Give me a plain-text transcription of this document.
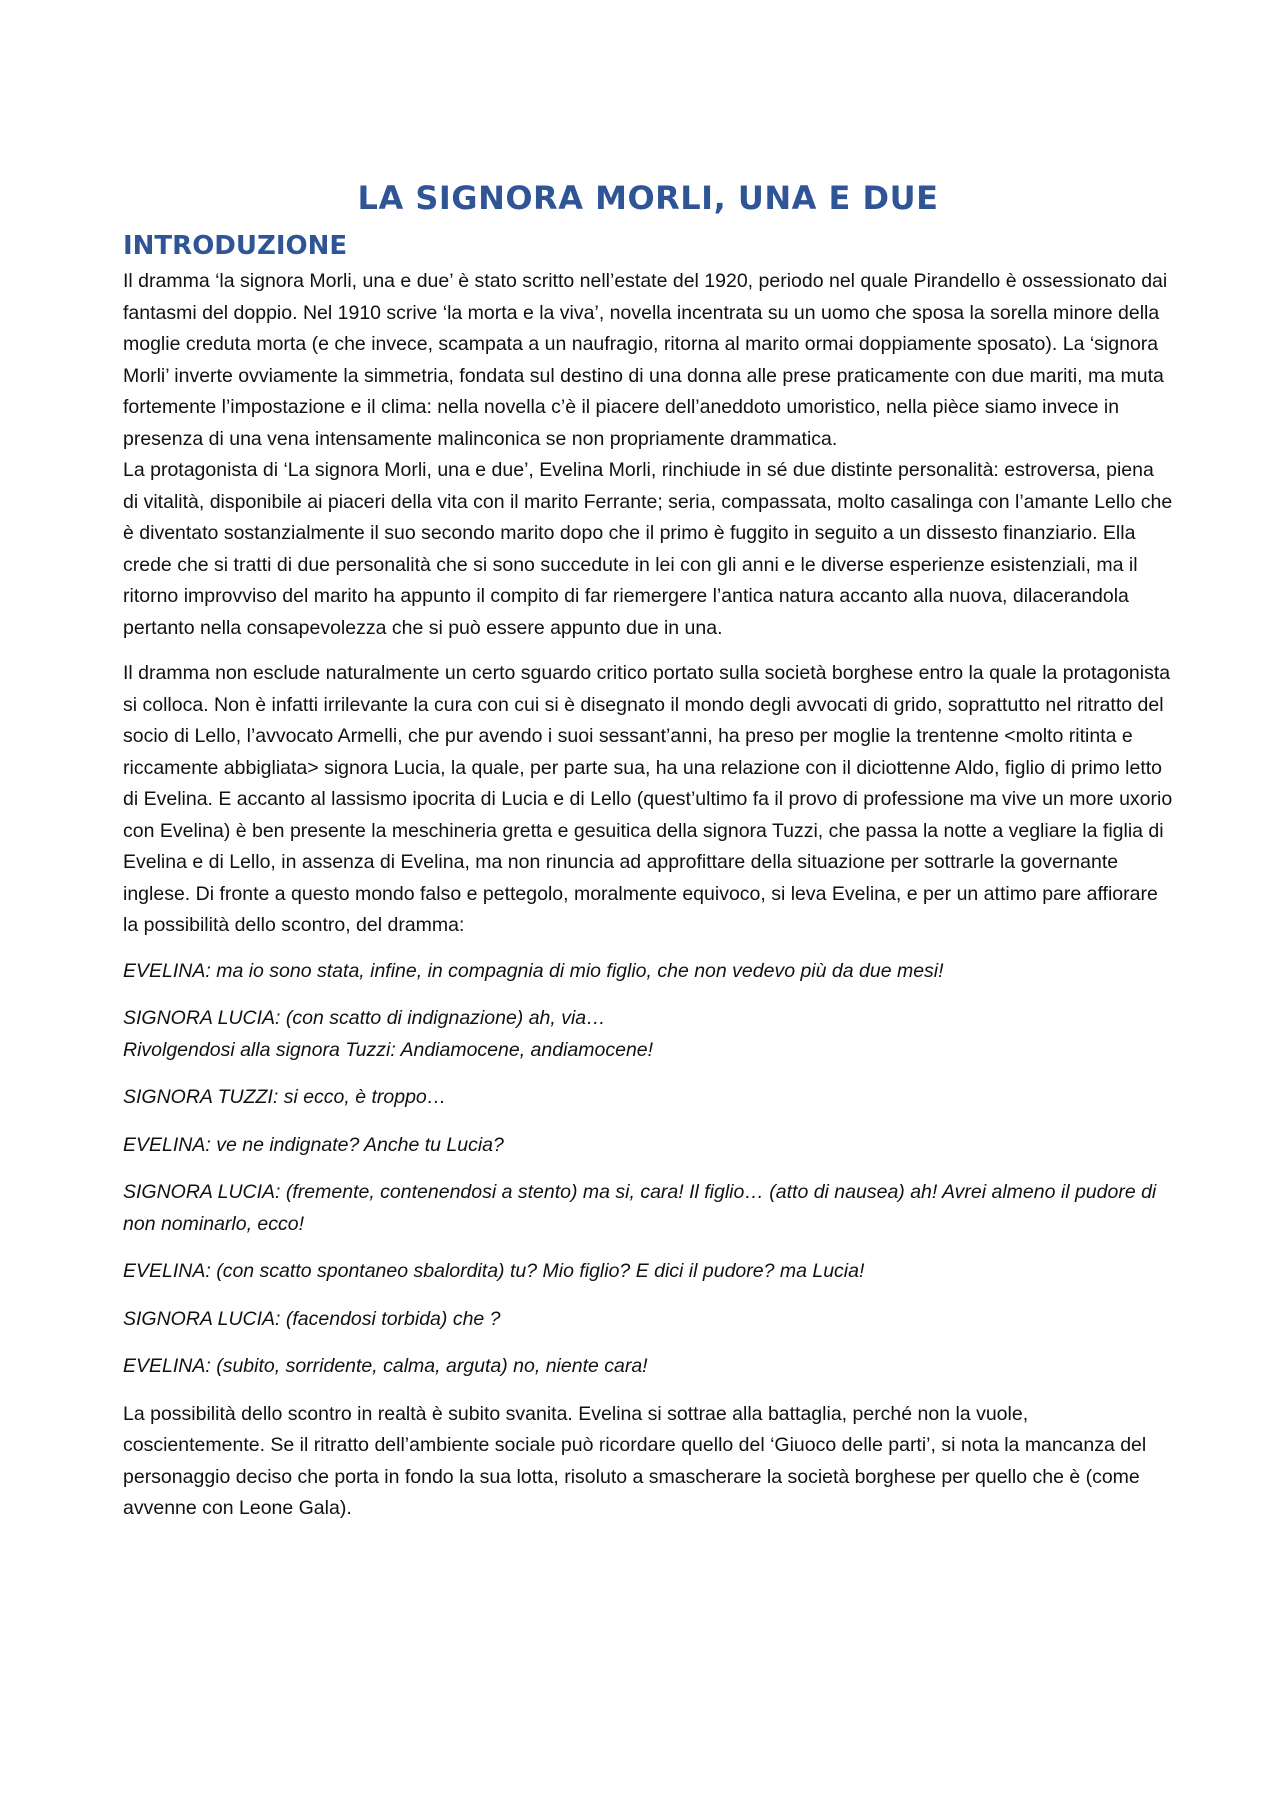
LA SIGNORA MORLI, UNA E DUE
INTRODUZIONE

Il dramma ‘la signora Morli, una e due’ è stato scritto nell’estate del 1920, periodo nel quale Pirandello è ossessionato dai fantasmi del doppio. Nel 1910 scrive ‘la morta e la viva’, novella incentrata su un uomo che sposa la sorella minore della moglie creduta morta (e che invece, scampata a un naufragio, ritorna al marito ormai doppiamente sposato). La ‘signora Morli’ inverte ovviamente la simmetria, fondata sul destino di una donna alle prese praticamente con due mariti, ma muta fortemente l’impostazione e il clima: nella novella c’è il piacere dell’aneddoto umoristico, nella pièce siamo invece in presenza di una vena intensamente malinconica se non propriamente drammatica.

La protagonista di ‘La signora Morli, una e due’, Evelina Morli, rinchiude in sé due distinte personalità: estroversa, piena di vitalità, disponibile ai piaceri della vita con il marito Ferrante; seria, compassata, molto casalinga con l’amante Lello che è diventato sostanzialmente il suo secondo marito dopo che il primo è fuggito in seguito a un dissesto finanziario. Ella crede che si tratti di due personalità che si sono succedute in lei con gli anni e le diverse esperienze esistenziali, ma il ritorno improvviso del marito ha appunto il compito di far riemergere l’antica natura accanto alla nuova, dilacerandola pertanto nella consapevolezza che si può essere appunto due in una.

Il dramma non esclude naturalmente un certo sguardo critico portato sulla società borghese entro la quale la protagonista si colloca. Non è infatti irrilevante la cura con cui si è disegnato il mondo degli avvocati di grido, soprattutto nel ritratto del socio di Lello, l’avvocato Armelli, che pur avendo i suoi sessant’anni, ha preso per moglie la trentenne <molto ritinta e riccamente abbigliata> signora Lucia, la quale, per parte sua, ha una relazione con il diciottenne Aldo, figlio di primo letto di Evelina. E accanto al lassismo ipocrita di Lucia e di Lello (quest’ultimo fa il provo di professione ma vive un more uxorio con Evelina) è ben presente la meschineria gretta e gesuitica della signora Tuzzi, che passa la notte a vegliare la figlia di Evelina e di Lello, in assenza di Evelina, ma non rinuncia ad approfittare della situazione per sottrarle la governante inglese. Di fronte a questo mondo falso e pettegolo, moralmente equivoco, si leva Evelina, e per un attimo pare affiorare la possibilità dello scontro, del dramma:

EVELINA: ma io sono stata, infine, in compagnia di mio figlio, che non vedevo più da due mesi!

SIGNORA LUCIA: (con scatto di indignazione) ah, via…
Rivolgendosi alla signora Tuzzi: Andiamocene, andiamocene!

SIGNORA TUZZI: si ecco, è troppo…

EVELINA: ve ne indignate? Anche tu Lucia?

SIGNORA LUCIA: (fremente, contenendosi a stento) ma si, cara! Il figlio… (atto di nausea) ah! Avrei almeno il pudore di non nominarlo, ecco!

EVELINA: (con scatto spontaneo sbalordita) tu? Mio figlio? E dici il pudore? ma Lucia!

SIGNORA LUCIA: (facendosi torbida) che ?

EVELINA: (subito, sorridente, calma, arguta) no, niente cara!

La possibilità dello scontro in realtà è subito svanita. Evelina si sottrae alla battaglia, perché non la vuole, coscientemente. Se il ritratto dell’ambiente sociale può ricordare quello del ‘Giuoco delle parti’, si nota la mancanza del personaggio deciso che porta in fondo la sua lotta, risoluto a smascherare la società borghese per quello che è (come avvenne con Leone Gala).
